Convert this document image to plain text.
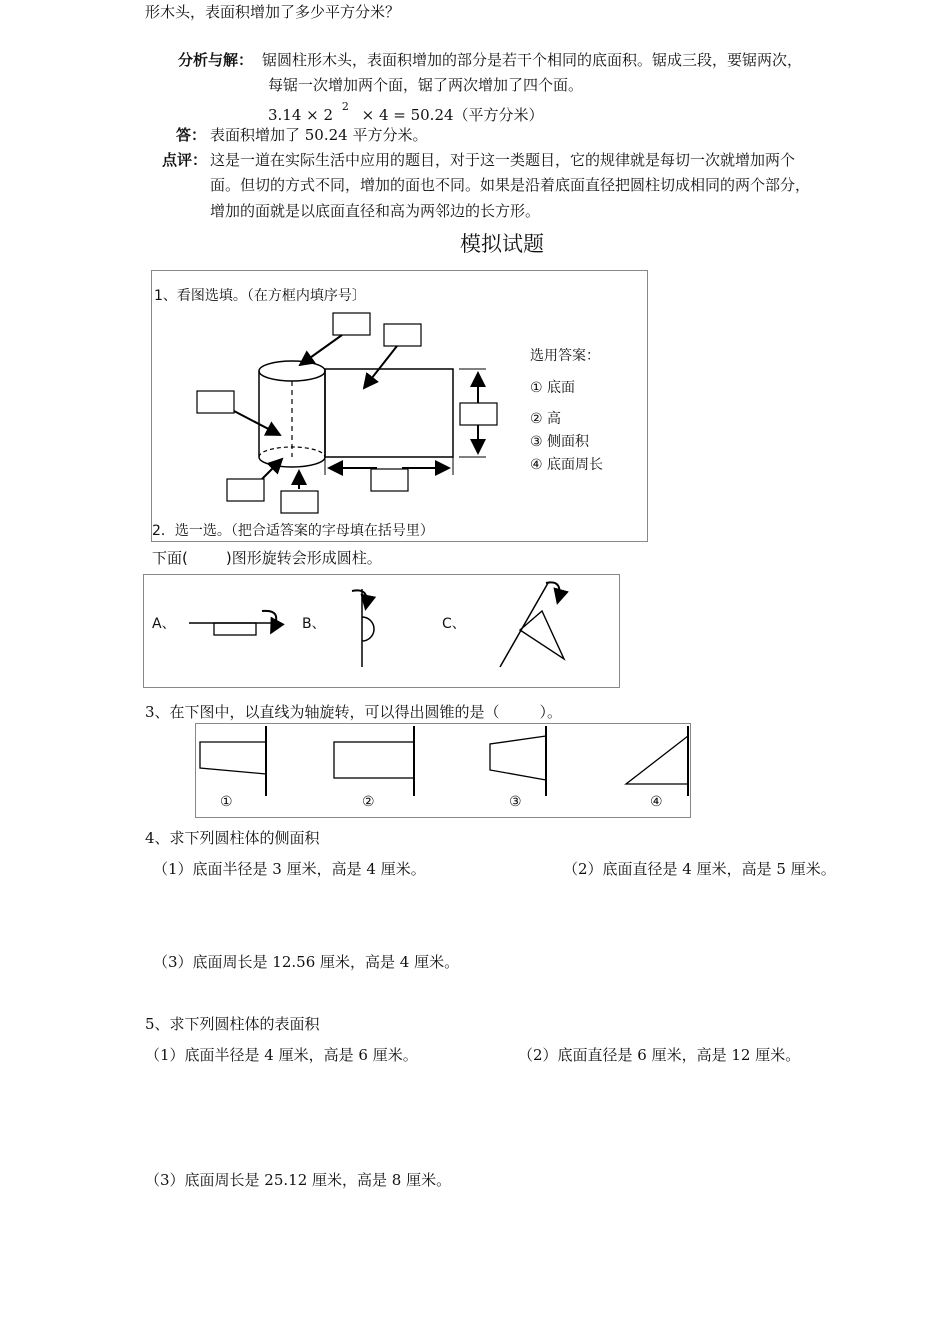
形木头，表面积增加了多少平方分米？
分析与解： 锯圆柱形木头，表面积增加的部分是若干个相同的底面积。锯成三段，要锯两次，
每锯一次增加两个面，锯了两次增加了四个面。
3.14 × 2 $^2$ × 4 = 50.24（平方分米）
答： 表面积增加了 50.24 平方分米。
点评： 这是一道在实际生活中应用的题目，对于这一类题目，它的规律就是每切一次就增加两个
面。但切的方式不同，增加的面也不同。如果是沿着底面直径把圆柱切成相同的两个部分，
增加的面就是以底面直径和高为两邻边的长方形。
模拟试题
1、看图选填。（在方框内填序号〕
选用答案：
① 底面
② 高
③ 侧面积
④ 底面周长
2．选一选。（把合适答案的字母填在括号里）
下面(	)图形旋转会形成圆柱。
A、	B、	C、
3、在下图中，以直线为轴旋转，可以得出圆锥的是（	）。
①	②	③	④
4、求下列圆柱体的侧面积
（1）底面半径是 3 厘米，高是 4 厘米。	（2）底面直径是 4 厘米，高是 5 厘米。
（3）底面周长是 12.56 厘米，高是 4 厘米。
5、求下列圆柱体的表面积
（1）底面半径是 4 厘米，高是 6 厘米。	（2）底面直径是 6 厘米，高是 12 厘米。
（3）底面周长是 25.12 厘米，高是 8 厘米。
